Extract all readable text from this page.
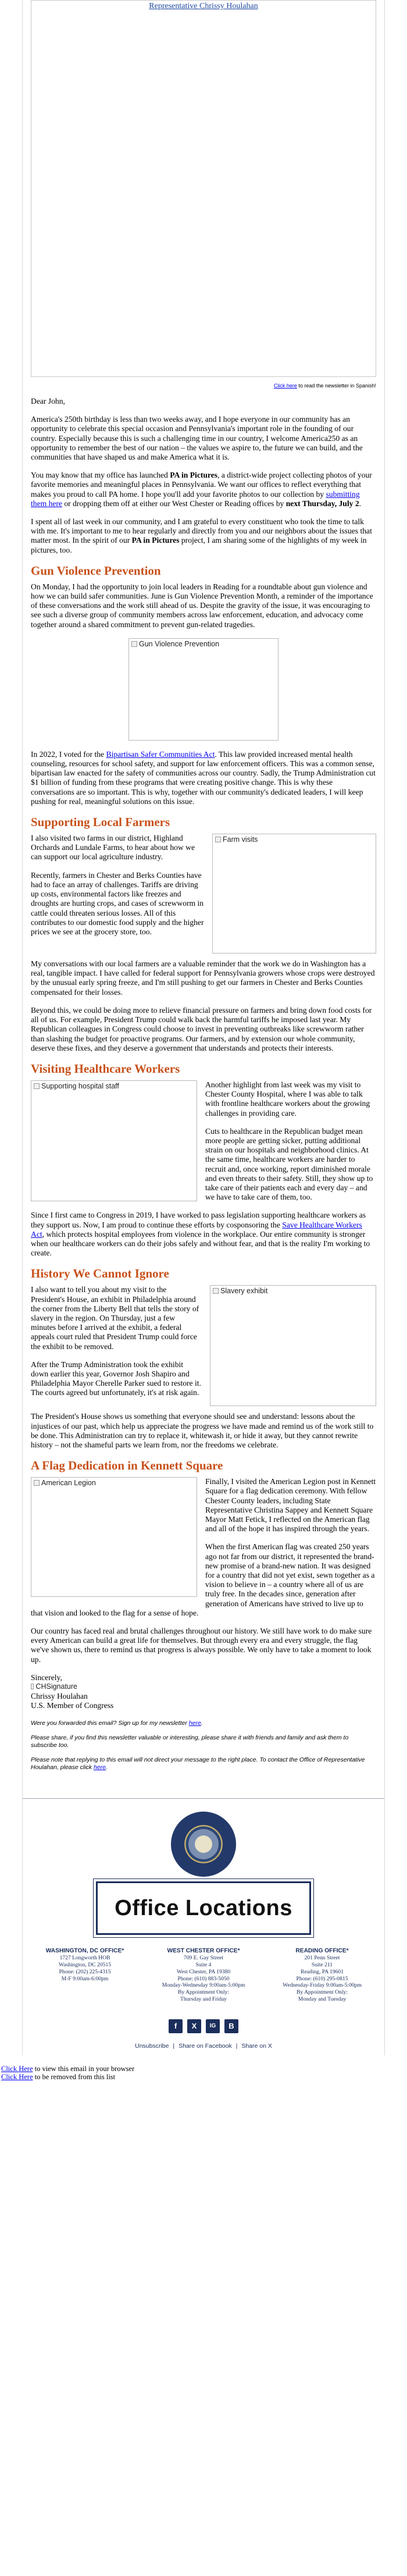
Representative Chrissy Houlahan
Click here to read the newsletter in Spanish!

Dear John,

America's 250th birthday is less than two weeks away, and I hope everyone in our community has an opportunity to celebrate this special occasion and Pennsylvania's important role in the founding of our country. Especially because this is such a challenging time in our country, I welcome America250 as an opportunity to remember the best of our nation – the values we aspire to, the future we can build, and the communities that have shaped us and make America what it is.

You may know that my office has launched PA in Pictures, a district-wide project collecting photos of your favorite memories and meaningful places in Pennsylvania. We want our offices to reflect everything that makes you proud to call PA home. I hope you'll add your favorite photos to our collection by submitting them here or dropping them off at either our West Chester or Reading offices by next Thursday, July 2.

I spent all of last week in our community, and I am grateful to every constituent who took the time to talk with me. It's important to me to hear regularly and directly from you and our neighbors about the issues that matter most. In the spirit of our PA in Pictures project, I am sharing some of the highlights of my week in pictures, too.

Gun Violence Prevention

On Monday, I had the opportunity to join local leaders in Reading for a roundtable about gun violence and how we can build safer communities. June is Gun Violence Prevention Month, a reminder of the importance of these conversations and the work still ahead of us. Despite the gravity of the issue, it was encouraging to see such a diverse group of community members across law enforcement, education, and advocacy come together around a shared commitment to prevent gun-related tragedies.

Gun Violence Prevention

In 2022, I voted for the Bipartisan Safer Communities Act. This law provided increased mental health counseling, resources for school safety, and support for law enforcement officers. This was a common sense, bipartisan law enacted for the safety of communities across our country. Sadly, the Trump Administration cut $1 billion of funding from these programs that were creating positive change. This is why these conversations are so important. This is why, together with our community's dedicated leaders, I will keep pushing for real, meaningful solutions on this issue.

Supporting Local Farmers
Farm visits

I also visited two farms in our district, Highland Orchards and Lundale Farms, to hear about how we can support our local agriculture industry.

Recently, farmers in Chester and Berks Counties have had to face an array of challenges. Tariffs are driving up costs, environmental factors like freezes and droughts are hurting crops, and cases of screwworm in cattle could threaten serious losses. All of this contributes to our domestic food supply and the higher prices we see at the grocery store, too.

My conversations with our local farmers are a valuable reminder that the work we do in Washington has a real, tangible impact. I have called for federal support for Pennsylvania growers whose crops were destroyed by the unusual early spring freeze, and I'm still pushing to get our farmers in Chester and Berks Counties compensated for their losses.

Beyond this, we could be doing more to relieve financial pressure on farmers and bring down food costs for all of us. For example, President Trump could walk back the harmful tariffs he imposed last year. My Republican colleagues in Congress could choose to invest in preventing outbreaks like screwworm rather than slashing the budget for proactive programs. Our farmers, and by extension our whole community, deserve these fixes, and they deserve a government that understands and protects their interests.

Visiting Healthcare Workers
Supporting hospital staff	Another highlight from last week was my visit to Chester County Hospital, where I was able to talk with frontline healthcare workers about the growing challenges in providing care.

Cuts to healthcare in the Republican budget mean more people are getting sicker, putting additional strain on our hospitals and neighborhood clinics. At the same time, healthcare workers are harder to recruit and, once working, report diminished morale and even threats to their safety. Still, they show up to take care of their patients each and every day – and we have to take care of them, too.

Since I first came to Congress in 2019, I have worked to pass legislation supporting healthcare workers as they support us. Now, I am proud to continue these efforts by cosponsoring the Save Healthcare Workers Act, which protects hospital employees from violence in the workplace. Our entire community is stronger when our healthcare workers can do their jobs safely and without fear, and that is the reality I'm working to create.

History We Cannot Ignore
Slavery exhibit

I also want to tell you about my visit to the President's House, an exhibit in Philadelphia around the corner from the Liberty Bell that tells the story of slavery in the region. On Thursday, just a few minutes before I arrived at the exhibit, a federal appeals court ruled that President Trump could force the exhibit to be removed.

After the Trump Administration took the exhibit down earlier this year, Governor Josh Shapiro and Philadelphia Mayor Cherelle Parker sued to restore it. The courts agreed but unfortunately, it's at risk again.

The President's House shows us something that everyone should see and understand: lessons about the injustices of our past, which help us appreciate the progress we have made and remind us of the work still to be done. This Administration can try to replace it, whitewash it, or hide it away, but they cannot rewrite history – not the shameful parts we learn from, nor the freedoms we celebrate.

A Flag Dedication in Kennett Square
American Legion	Finally, I visited the American Legion post in Kennett Square for a flag dedication ceremony. With fellow Chester County leaders, including State Representative Christina Sappey and Kennett Square Mayor Matt Fetick, I reflected on the American flag and all of the hope it has inspired through the years.

When the first American flag was created 250 years ago not far from our district, it represented the brand-new promise of a brand-new nation. It was designed for a country that did not yet exist, sewn together as a vision to believe in – a country where all of us are truly free. In the decades since, generation after generation of Americans have strived to live up to that vision and looked to the flag for a sense of hope.

Our country has faced real and brutal challenges throughout our history. We still have work to do make sure every American can build a great life for themselves. But through every era and every struggle, the flag we've shown us, there to remind us that progress is always possible. We only have to take a moment to look up.

Sincerely,

CHSignature

Chrissy Houlahan

U.S. Member of Congress

Were you forwarded this email? Sign up for my newsletter here.

Please share, if you find this newsletter valuable or interesting, please share it with friends and family and ask them to subscribe too.

Please note that replying to this email will not direct your message to the right place. To contact the Office of Representative Houlahan, please click here.

Office Locations
WASHINGTON, DC OFFICE*
1727 Longworth HOB
Washington, DC 20515
Phone: (202) 225-4315
M-F 9:00am-6:00pm
WEST CHESTER OFFICE*
709 E. Gay Street
Suite 4
West Chester, PA 19380
Phone: (610) 883-5050
Monday-Wednesday 9:00am-5:00pm
By Appointment Only:
Thursday and Friday
READING OFFICE*
201 Penn Street
Suite 211
Reading, PA 19601
Phone: (610) 295-0815
Wednesday-Friday 9:00am-5:00pm
By Appointment Only:
Monday and Tuesday
f	X	IG	B
Unsubscribe | Share on Facebook | Share on X
Click Here to view this email in your browser
Click Here to be removed from this list
